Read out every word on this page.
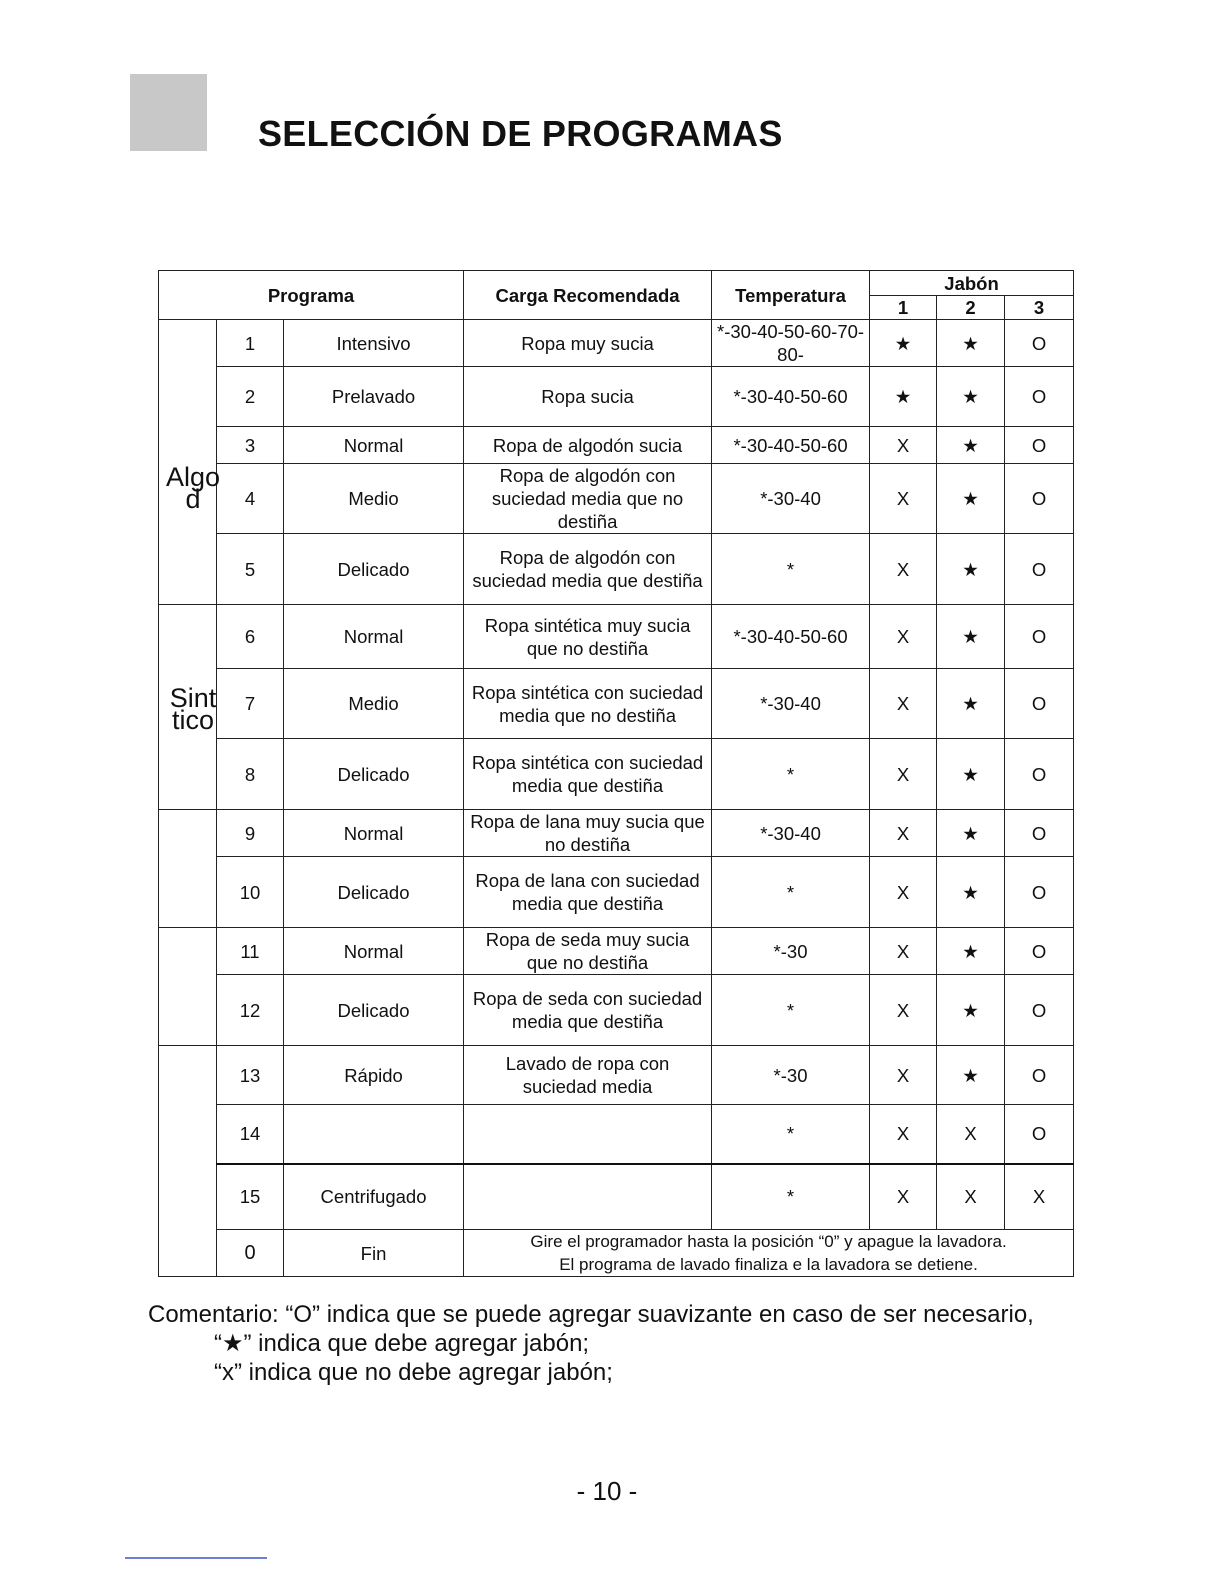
SELECCIÓN DE PROGRAMAS
Programa			Carga Recomendada	Temperatura	Jabón		
					1	2	3

Algod	1	Intensivo	Ropa muy sucia	*-30-40-50-60-70-80-	★	★	O
	2	Prelavado	Ropa sucia	*-30-40-50-60	★	★	O
	3	Normal	Ropa de algodón sucia	*-30-40-50-60	X	★	O
	4	Medio	Ropa de algodón con suciedad media que no destiña	*-30-40	X	★	O
	5	Delicado	Ropa de algodón con suciedad media que destiña	*	X	★	O

Sint tico	6	Normal	Ropa sintética muy sucia que no destiña	*-30-40-50-60	X	★	O
	7	Medio	Ropa sintética con suciedad media que no destiña	*-30-40	X	★	O
	8	Delicado	Ropa sintética con suciedad media que destiña	*	X	★	O
	9	Normal	Ropa de lana muy sucia que no destiña	*-30-40	X	★	O
	10	Delicado	Ropa de lana con suciedad media que destiña	*	X	★	O
	11	Normal	Ropa de seda muy sucia que no destiña	*-30	X	★	O
	12	Delicado	Ropa de seda con suciedad media que destiña	*	X	★	O
	13	Rápido	Lavado de ropa con suciedad media	*-30	X	★	O
	14			*	X	X	O
	15	Centrifugado		*	X	X	X
	0	Fin	Gire el programador hasta la posición “0” y apague la lavadora.
El programa de lavado finaliza e la lavadora se detiene.				
Comentario: “O” indica que se puede agregar suavizante en caso de ser necesario,
“★” indica que debe agregar jabón;
“x” indica que no debe agregar jabón;
- 10 -
